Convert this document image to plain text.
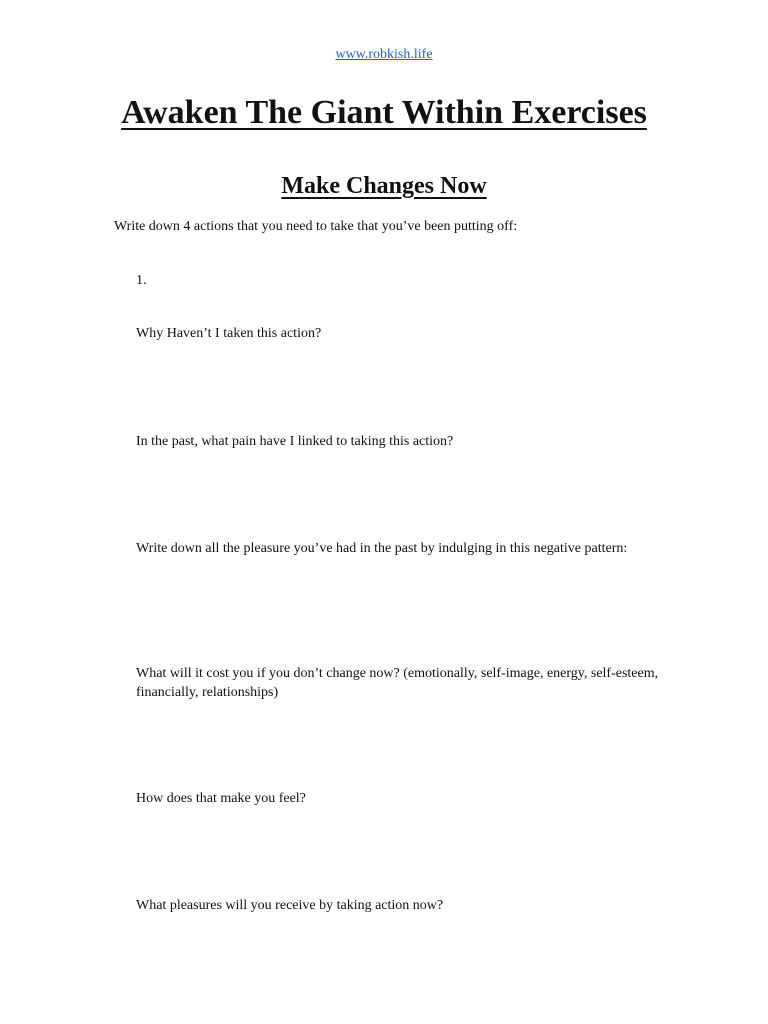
www.robkish.life
Awaken The Giant Within Exercises
Make Changes Now

Write down 4 actions that you need to take that you’ve been putting off:

1.

Why Haven’t I taken this action?

In the past, what pain have I linked to taking this action?

Write down all the pleasure you’ve had in the past by indulging in this negative pattern:

What will it cost you if you don’t change now? (emotionally, self-image, energy, self-esteem, financially, relationships)

How does that make you feel?

What pleasures will you receive by taking action now?
